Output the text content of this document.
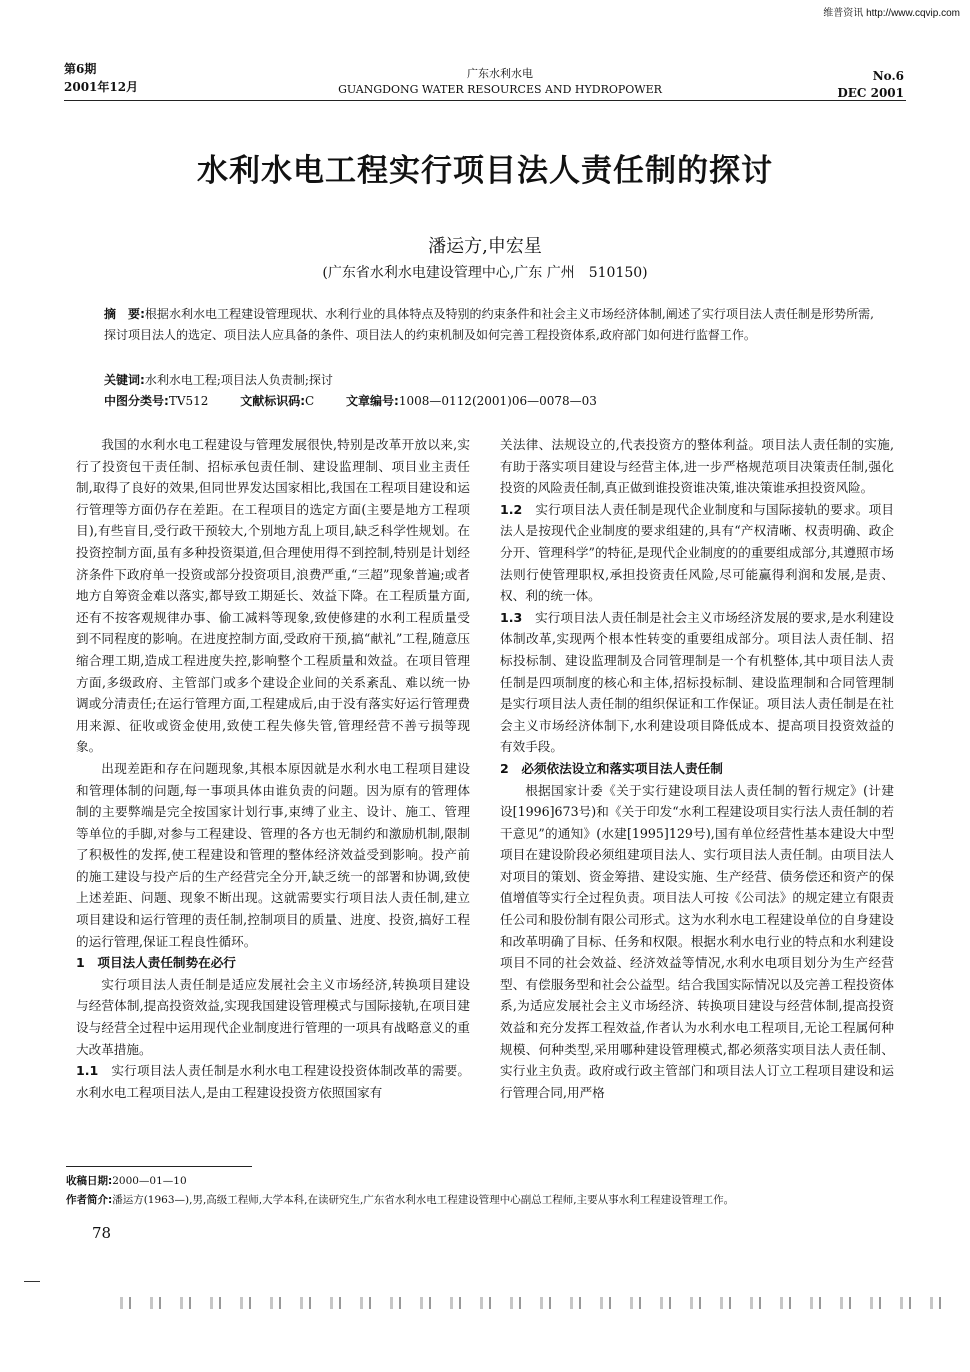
维普资讯 http://www.cqvip.com
第6期
2001年12月
广东水利水电
GUANGDONG WATER RESOURCES AND HYDROPOWER
No.6
DEC 2001
水利水电工程实行项目法人责任制的探讨
潘运方,申宏星
(广东省水利水电建设管理中心,广东 广州　510150)
摘　要:根据水利水电工程建设管理现状、水利行业的具体特点及特别的约束条件和社会主义市场经济体制,阐述了实行项目法人责任制是形势所需,探讨项目法人的选定、项目法人应具备的条件、项目法人的约束机制及如何完善工程投资体系,政府部门如何进行监督工作。
关键词:水利水电工程;项目法人负责制;探讨
中图分类号:TV512	文献标识码:C	文章编号:1008—0112(2001)06—0078—03

我国的水利水电工程建设与管理发展很快,特别是改革开放以来,实行了投资包干责任制、招标承包责任制、建设监理制、项目业主责任制,取得了良好的效果,但同世界发达国家相比,我国在工程项目建设和运行管理等方面仍存在差距。在工程项目的选定方面(主要是地方工程项目),有些盲目,受行政干预较大,个别地方乱上项目,缺乏科学性规划。在投资控制方面,虽有多种投资渠道,但合理使用得不到控制,特别是计划经济条件下政府单一投资或部分投资项目,浪费严重,“三超”现象普遍;或者地方自筹资金难以落实,都导致工期延长、效益下降。在工程质量方面,还有不按客观规律办事、偷工减料等现象,致使修建的水利工程质量受到不同程度的影响。在进度控制方面,受政府干预,搞“献礼”工程,随意压缩合理工期,造成工程进度失控,影响整个工程质量和效益。在项目管理方面,多级政府、主管部门或多个建设企业间的关系紊乱、难以统一协调或分清责任;在运行管理方面,工程建成后,由于没有落实好运行管理费用来源、征收或资金使用,致使工程失修失管,管理经营不善亏损等现象。

出现差距和存在问题现象,其根本原因就是水利水电工程项目建设和管理体制的问题,每一事项具体由谁负责的问题。因为原有的管理体制的主要弊端是完全按国家计划行事,束缚了业主、设计、施工、管理等单位的手脚,对参与工程建设、管理的各方也无制约和激励机制,限制了积极性的发挥,使工程建设和管理的整体经济效益受到影响。投产前的施工建设与投产后的生产经营完全分开,缺乏统一的部署和协调,致使上述差距、问题、现象不断出现。这就需要实行项目法人责任制,建立项目建设和运行管理的责任制,控制项目的质量、进度、投资,搞好工程的运行管理,保证工程良性循环。

1　项目法人责任制势在必行

实行项目法人责任制是适应发展社会主义市场经济,转换项目建设与经营体制,提高投资效益,实现我国建设管理模式与国际接轨,在项目建设与经营全过程中运用现代企业制度进行管理的一项具有战略意义的重大改革措施。

1.1　实行项目法人责任制是水利水电工程建设投资体制改革的需要。水利水电工程项目法人,是由工程建设投资方依照国家有

关法律、法规设立的,代表投资方的整体利益。项目法人责任制的实施,有助于落实项目建设与经营主体,进一步严格规范项目决策责任制,强化投资的风险责任制,真正做到谁投资谁决策,谁决策谁承担投资风险。

1.2　实行项目法人责任制是现代企业制度和与国际接轨的要求。项目法人是按现代企业制度的要求组建的,具有“产权清晰、权责明确、政企分开、管理科学”的特征,是现代企业制度的的重要组成部分,其遵照市场法则行使管理职权,承担投资责任风险,尽可能赢得利润和发展,是责、权、利的统一体。

1.3　实行项目法人责任制是社会主义市场经济发展的要求,是水利建设体制改革,实现两个根本性转变的重要组成部分。项目法人责任制、招标投标制、建设监理制及合同管理制是一个有机整体,其中项目法人责任制是四项制度的核心和主体,招标投标制、建设监理制和合同管理制是实行项目法人责任制的组织保证和工作保证。项目法人责任制是在社会主义市场经济体制下,水利建设项目降低成本、提高项目投资效益的有效手段。

2　必须依法设立和落实项目法人责任制

根据国家计委《关于实行建设项目法人责任制的暂行规定》(计建设[1996]673号)和《关于印发“水利工程建设项目实行法人责任制的若干意见”的通知》(水建[1995]129号),国有单位经营性基本建设大中型项目在建设阶段必须组建项目法人、实行项目法人责任制。由项目法人对项目的策划、资金筹措、建设实施、生产经营、债务偿还和资产的保值增值等实行全过程负责。项目法人可按《公司法》的规定建立有限责任公司和股份制有限公司形式。这为水利水电工程建设单位的自身建设和改革明确了目标、任务和权限。根据水利水电行业的特点和水利建设项目不同的社会效益、经济效益等情况,水利水电项目划分为生产经营型、有偿服务型和社会公益型。结合我国实际情况以及完善工程投资体系,为适应发展社会主义市场经济、转换项目建设与经营体制,提高投资效益和充分发挥工程效益,作者认为水利水电工程项目,无论工程属何种规模、何种类型,采用哪种建设管理模式,都必须落实项目法人责任制、实行业主负责。政府或行政主管部门和项目法人订立工程项目建设和运行管理合同,用严格

收稿日期:2000—01—10
作者简介:潘运方(1963—),男,高级工程师,大学本科,在读研究生,广东省水利水电工程建设管理中心副总工程师,主要从事水利工程建设管理工作。
78
